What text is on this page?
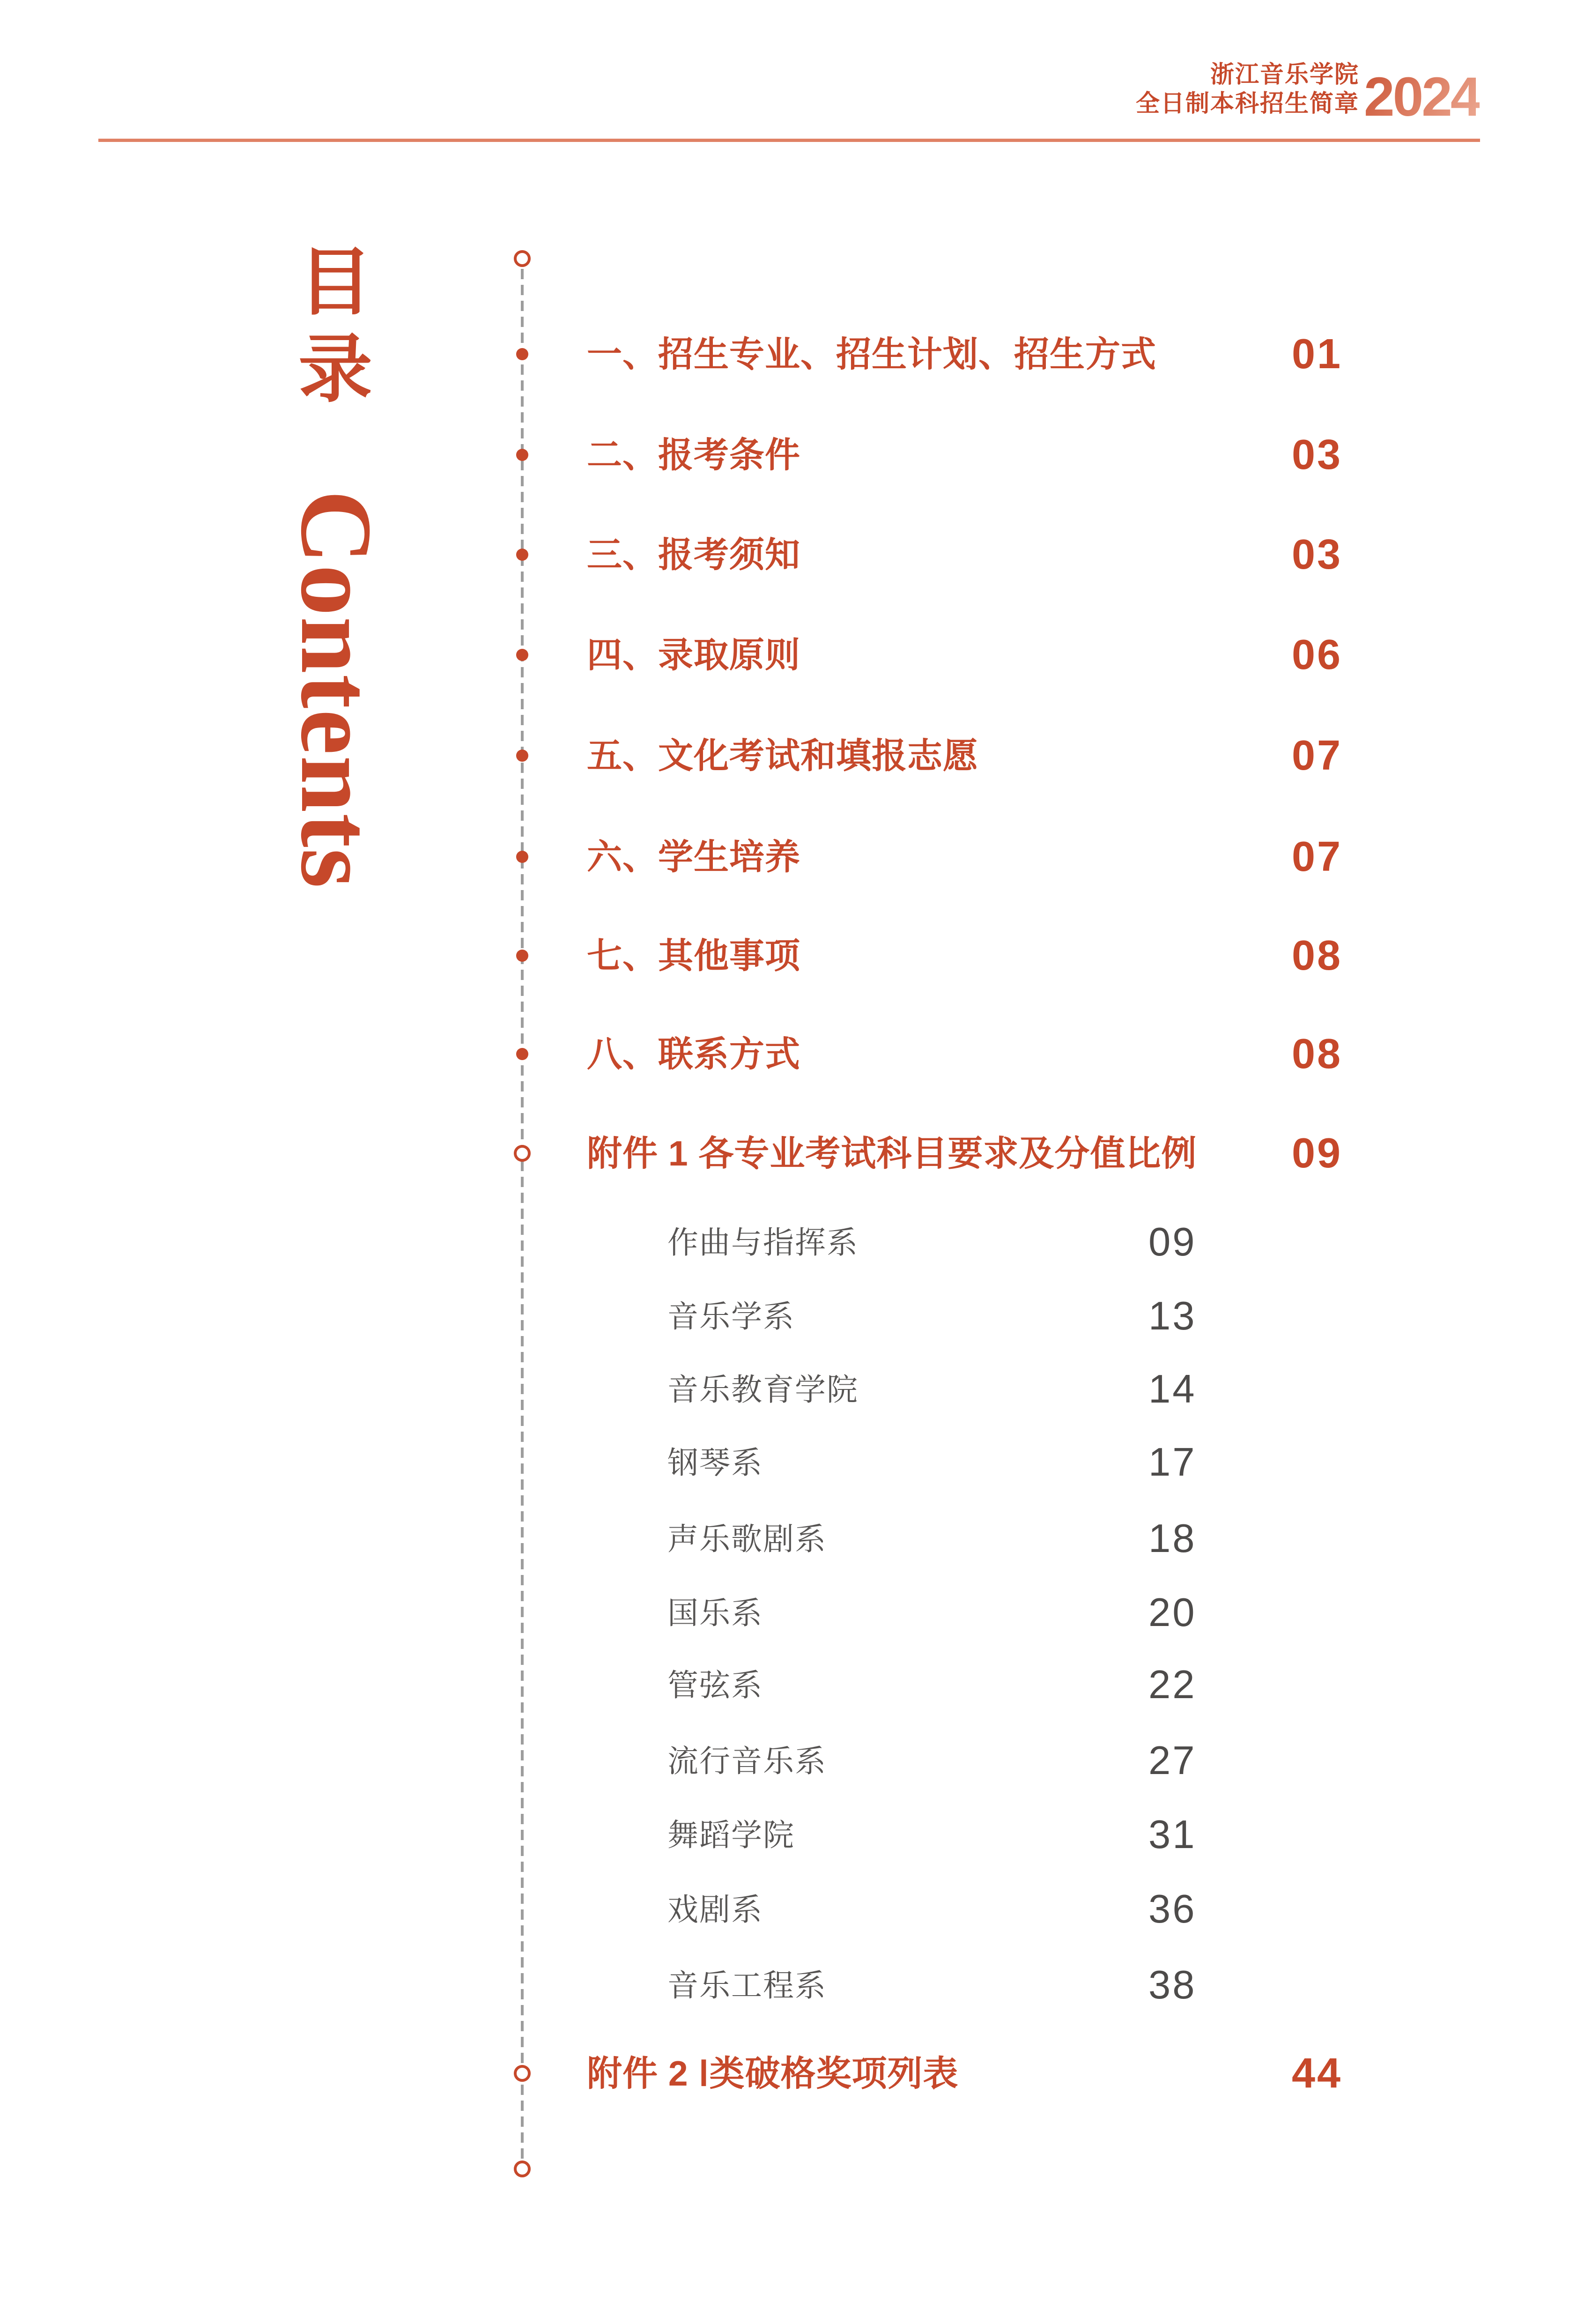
浙江音乐学院
全日制本科招生简章 2024
目
录
Contents
一、招生专业、招生计划、招生方式	01
二、报考条件	03
三、报考须知	03
四、录取原则	06
五、文化考试和填报志愿	07
六、学生培养	07
七、其他事项	08
八、联系方式	08
附件 1 各专业考试科目要求及分值比例 09
作曲与指挥系	09
音乐学系	13
音乐教育学院	14
钢琴系	17
声乐歌剧系	18
国乐系	20
管弦系	22
流行音乐系	27
舞蹈学院	31
戏剧系	36
音乐工程系	38
附件 2 Ⅰ类破格奖项列表	44
